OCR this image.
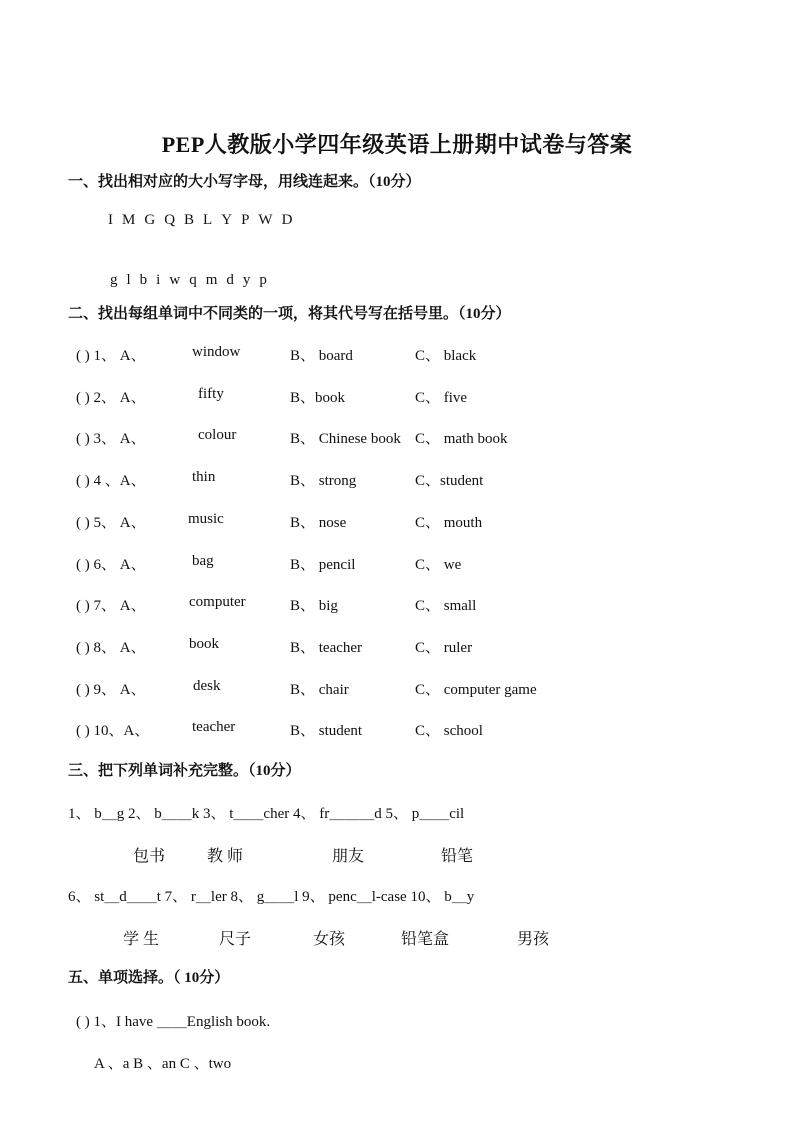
PEP人教版小学四年级英语上册期中试卷与答案
一、找出相对应的大小写字母，用线连起来。（10分）
I M G Q B L Y P W D
g l b i w q m d y p
二、找出每组单词中不同类的一项，将其代号写在括号里。（10分）
( ) 1、 A、	window	B、 board	C、 black
( ) 2、 A、	fifty	B、book	C、 five
( ) 3、 A、	colour	B、 Chinese book C、 math book
( ) 4 、A、	thin	B、 strong	C、student
( ) 5、 A、	music	B、 nose	C、 mouth
( ) 6、 A、	bag	B、 pencil	C、 we
( ) 7、 A、	computer	B、 big	C、 small
( ) 8、 A、	book	B、 teacher	C、 ruler
( ) 9、 A、	desk	B、 chair	C、 computer game
( ) 10、A、	teacher	B、 student	C、 school
三、把下列单词补充完整。（10分）
1、 b＿g 2、 b＿＿k 3、 t＿＿cher 4、 fr＿＿＿d 5、 p＿＿cil
包书	教 师	朋友	铅笔
6、 st＿d＿＿t 7、 r＿ler 8、 g＿＿l 9、 penc＿l-case 10、 b＿y
学 生	尺子	女孩	铅笔盒	男孩
五、单项选择。（ 10分）
( ) 1、I have ＿＿English book.
A 、a B 、an C 、two
